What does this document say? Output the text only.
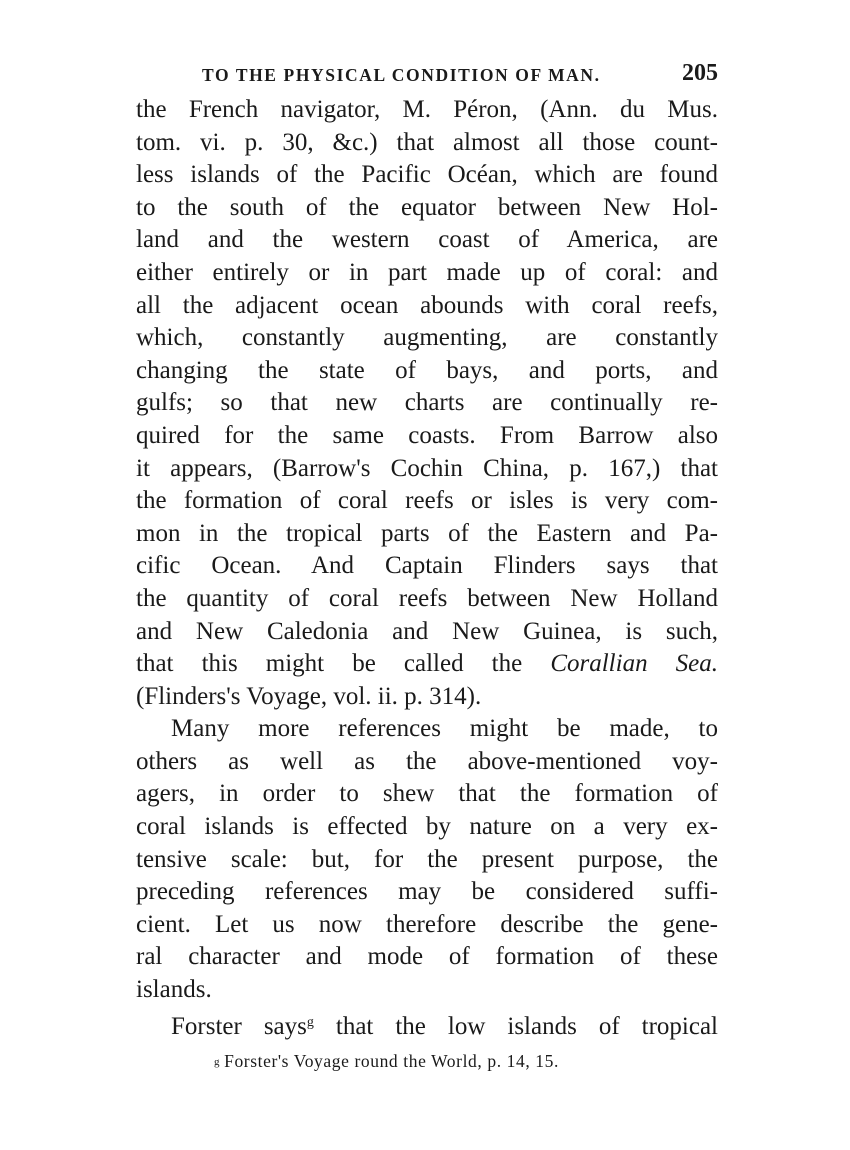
TO THE PHYSICAL CONDITION OF MAN.	205
the French navigator, M. Péron, (Ann. du Mus.
tom. vi. p. 30, &c.) that almost all those count-
less islands of the Pacific Océan, which are found
to the south of the equator between New Hol-
land and the western coast of America, are
either entirely or in part made up of coral: and
all the adjacent ocean abounds with coral reefs,
which, constantly augmenting, are constantly
changing the state of bays, and ports, and
gulfs; so that new charts are continually re-
quired for the same coasts. From Barrow also
it appears, (Barrow's Cochin China, p. 167,) that
the formation of coral reefs or isles is very com-
mon in the tropical parts of the Eastern and Pa-
cific Ocean. And Captain Flinders says that
the quantity of coral reefs between New Holland
and New Caledonia and New Guinea, is such,
that this might be called the Corallian Sea.
(Flinders's Voyage, vol. ii. p. 314).
Many more references might be made, to
others as well as the above-mentioned voy-
agers, in order to shew that the formation of
coral islands is effected by nature on a very ex-
tensive scale: but, for the present purpose, the
preceding references may be considered suffi-
cient. Let us now therefore describe the gene-
ral character and mode of formation of these
islands.
Forster says$^g$ that the low islands of tropical
g Forster's Voyage round the World, p. 14, 15.
